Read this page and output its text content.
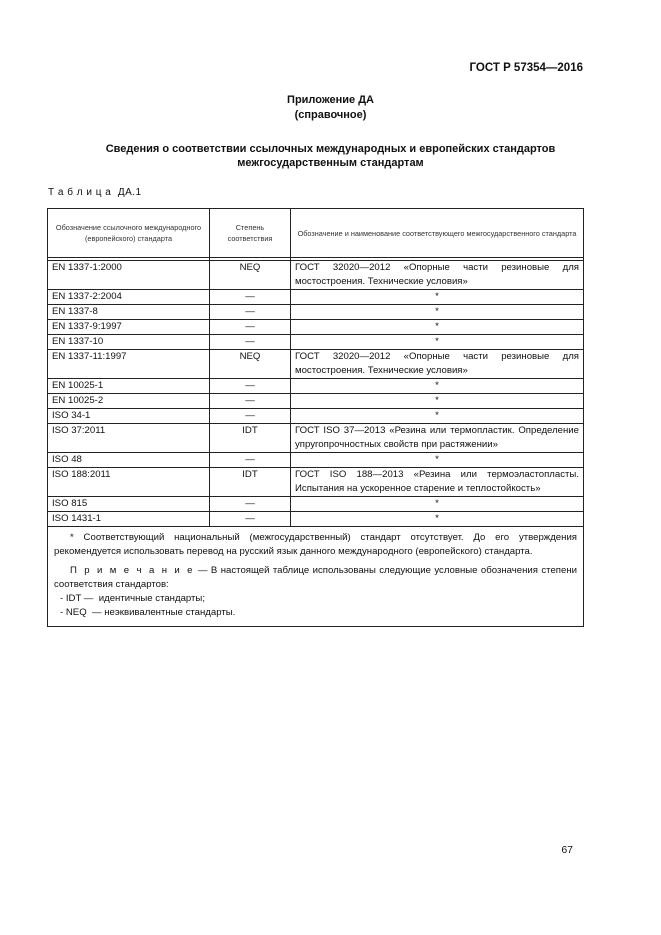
ГОСТ Р 57354—2016
Приложение ДА
(справочное)
Сведения о соответствии ссылочных международных и европейских стандартов
межгосударственным стандартам
Т а б л и ц а  ДА.1
Обозначение ссылочного международного (европейского) стандарта	Степень соответствия	Обозначение и наименование соответствующего межгосударственного стандарта

EN 1337-1:2000	NEQ	ГОСТ 32020—2012 «Опорные части резиновые для мостостроения. Технические условия»
EN 1337-2:2004	—	*
EN 1337-8	—	*
EN 1337-9:1997	—	*
EN 1337-10	—	*
EN 1337-11:1997	NEQ	ГОСТ 32020—2012 «Опорные части резиновые для мостостроения. Технические условия»
EN 10025-1	—	*
EN 10025-2	—	*
ISO 34-1	—	*
ISO 37:2011	IDT	ГОСТ ISO 37—2013 «Резина или термопластик. Определение упругопрочностных свойств при растяжении»
ISO 48	—	*
ISO 188:2011	IDT	ГОСТ ISO 188—2013 «Резина или термоэластопласты. Испытания на ускоренное старение и теплостойкость»
ISO 815	—	*
ISO 1431-1	—	*

* Соответствующий национальный (межгосударственный) стандарт отсутствует. До его утверждения рекомендуется использовать перевод на русский язык данного международного (европейского) стандарта.

П р и м е ч а н и е — В настоящей таблице использованы следующие условные обозначения степени соответствия стандартов:

- IDT —  идентичные стандарты;

- NEQ  — неэквивалентные стандарты.		

67
